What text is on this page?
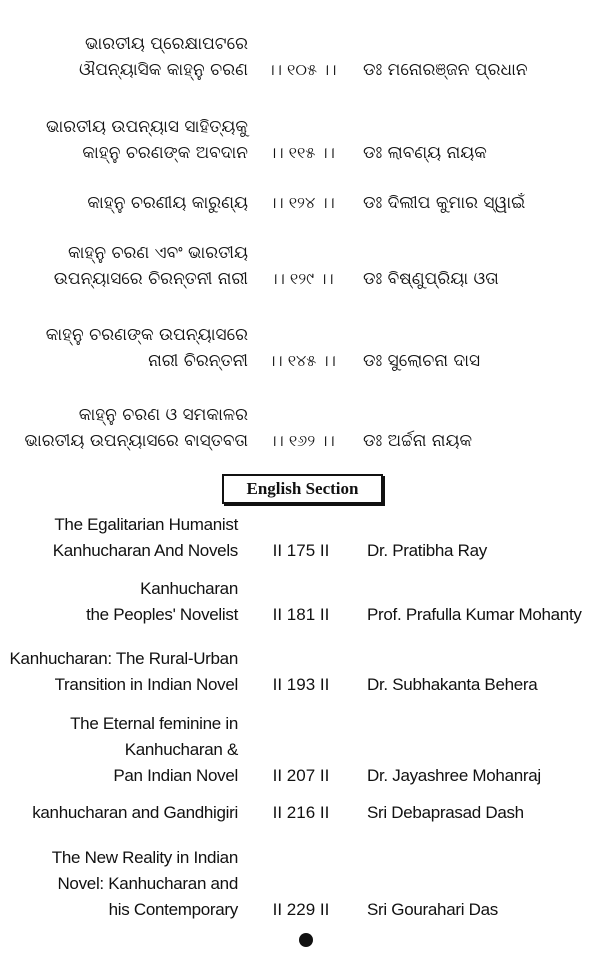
ଭାରତୀୟ ପ୍ରେକ୍ଷାପଟରେ
ଔପନ୍ୟାସିକ କାହ୍ନୁ ଚରଣ	।। ୧୦୫ ।।	ଡଃ ମନୋରଞ୍ଜନ ପ୍ରଧାନ
ଭାରତୀୟ ଉପନ୍ୟାସ ସାହିତ୍ୟକୁ
କାହ୍ନୁ ଚରଣଙ୍କ ଅବଦାନ	।। ୧୧୫ ।।	ଡଃ ଲାବଣ୍ୟ ନାୟକ
କାହ୍ନୁ ଚରଣୀୟ କାରୁଣ୍ୟ	।। ୧୨୪ ।।	ଡଃ ଦିଲୀପ କୁମାର ସ୍ୱାଇଁ
କାହ୍ନୁ ଚରଣ ଏବଂ ଭାରତୀୟ
ଉପନ୍ୟାସରେ ଚିରନ୍ତନୀ ନାରୀ	।। ୧୨୯ ।।	ଡଃ ବିଷ୍ଣୁପ୍ରିୟା ଓତା
କାହ୍ନୁ ଚରଣଙ୍କ ଉପନ୍ୟାସରେ
ନାରୀ ଚିରନ୍ତନୀ	।। ୧୪୫ ।।	ଡଃ ସୁଲୋଚନା ଦାସ
କାହ୍ନୁ ଚରଣ ଓ ସମକାଳର
ଭାରତୀୟ ଉପନ୍ୟାସରେ ବାସ୍ତବତା	।। ୧୬୨ ।।	ଡଃ ଅର୍ଚ୍ଚନା ନାୟକ
English Section
The Egalitarian Humanist
Kanhucharan And Novels	II 175 II	Dr. Pratibha Ray
Kanhucharan
the Peoples' Novelist	II 181 II	Prof. Prafulla Kumar Mohanty
Kanhucharan: The Rural-Urban
Transition in Indian Novel	II 193 II	Dr. Subhakanta Behera
The Eternal feminine in
Kanhucharan &
Pan Indian Novel	II 207 II	Dr. Jayashree Mohanraj
kanhucharan and Gandhigiri	II 216 II	Sri Debaprasad Dash
The New Reality in Indian
Novel: Kanhucharan and
his Contemporary	II 229 II	Sri Gourahari Das
